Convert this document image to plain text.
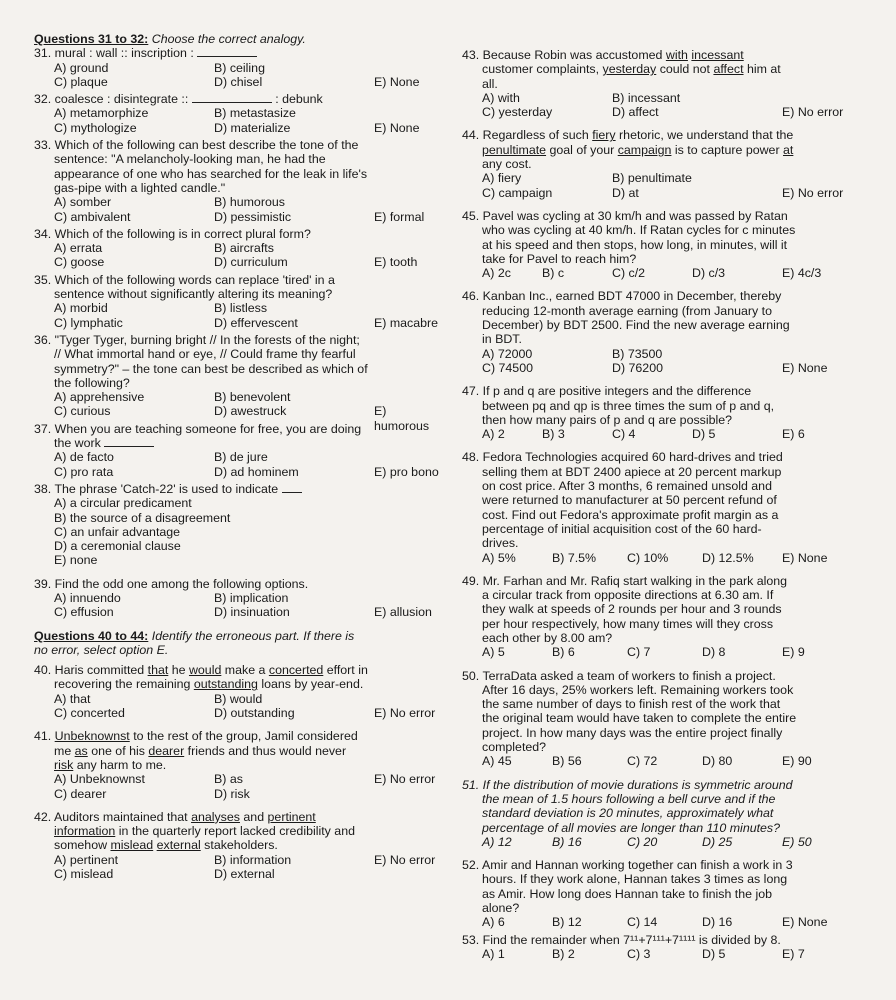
Questions 31 to 32: Choose the correct analogy.
31. mural : wall :: inscription :
A) ground	B) ceiling
C) plaque	D) chisel	E) None
32. coalesce : disintegrate ::	: debunk
A) metamorphize	B) metastasize
C) mythologize	D) materialize	E) None
33. Which of the following can best describe the tone of the
sentence: "A melancholy-looking man, he had the
appearance of one who has searched for the leak in life's
gas-pipe with a lighted candle."
A) somber	B) humorous
C) ambivalent	D) pessimistic	E) formal
34. Which of the following is in correct plural form?
A) errata	B) aircrafts
C) goose	D) curriculum	E) tooth
35. Which of the following words can replace 'tired' in a
sentence without significantly altering its meaning?
A) morbid	B) listless
C) lymphatic	D) effervescent	E) macabre
36. "Tyger Tyger, burning bright // In the forests of the night;
// What immortal hand or eye, // Could frame thy fearful
symmetry?" – the tone can best be described as which of
the following?
A) apprehensive	B) benevolent
C) curious	D) awestruck	E) humorous
37. When you are teaching someone for free, you are doing
the work
A) de facto	B) de jure
C) pro rata	D) ad hominem	E) pro bono
38. The phrase 'Catch-22' is used to indicate
A) a circular predicament
B) the source of a disagreement
C) an unfair advantage
D) a ceremonial clause
E) none
39. Find the odd one among the following options.
A) innuendo	B) implication
C) effusion	D) insinuation	E) allusion
Questions 40 to 44: Identify the erroneous part. If there is
no error, select option E.
40. Haris committed that he would make a concerted effort in
recovering the remaining outstanding loans by year-end.
A) that	B) would
C) concerted	D) outstanding	E) No error
41. Unbeknownst to the rest of the group, Jamil considered
me as one of his dearer friends and thus would never
risk any harm to me.
A) Unbeknownst	B) as	E) No error
C) dearer	D) risk
42. Auditors maintained that analyses and pertinent
information in the quarterly report lacked credibility and
somehow mislead external stakeholders.
A) pertinent	B) information	E) No error
C) mislead	D) external
43. Because Robin was accustomed with incessant
customer complaints, yesterday could not affect him at
all.
A) with	B) incessant
C) yesterday	D) affect	E) No error
44. Regardless of such fiery rhetoric, we understand that the
penultimate goal of your campaign is to capture power at
any cost.
A) fiery	B) penultimate
C) campaign	D) at	E) No error
45. Pavel was cycling at 30 km/h and was passed by Ratan
who was cycling at 40 km/h. If Ratan cycles for c minutes
at his speed and then stops, how long, in minutes, will it
take for Pavel to reach him?
A) 2c	B) c	C) c/2	D) c/3	E) 4c/3
46. Kanban Inc., earned BDT 47000 in December, thereby
reducing 12-month average earning (from January to
December) by BDT 2500. Find the new average earning
in BDT.
A) 72000	B) 73500
C) 74500	D) 76200	E) None
47. If p and q are positive integers and the difference
between pq and qp is three times the sum of p and q,
then how many pairs of p and q are possible?
A) 2	B) 3	C) 4	D) 5	E) 6
48. Fedora Technologies acquired 60 hard-drives and tried
selling them at BDT 2400 apiece at 20 percent markup
on cost price. After 3 months, 6 remained unsold and
were returned to manufacturer at 50 percent refund of
cost. Find out Fedora's approximate profit margin as a
percentage of initial acquisition cost of the 60 hard-
drives.
A) 5%	B) 7.5% C) 10%	D) 12.5% E) None
49. Mr. Farhan and Mr. Rafiq start walking in the park along
a circular track from opposite directions at 6.30 am. If
they walk at speeds of 2 rounds per hour and 3 rounds
per hour respectively, how many times will they cross
each other by 8.00 am?
A) 5	B) 6	C) 7	D) 8	E) 9
50. TerraData asked a team of workers to finish a project.
After 16 days, 25% workers left. Remaining workers took
the same number of days to finish rest of the work that
the original team would have taken to complete the entire
project. In how many days was the entire project finally
completed?
A) 45	B) 56	C) 72	D) 80	E) 90
51. If the distribution of movie durations is symmetric around
the mean of 1.5 hours following a bell curve and if the
standard deviation is 20 minutes, approximately what
percentage of all movies are longer than 110 minutes?
A) 12	B) 16	C) 20	D) 25	E) 50
52. Amir and Hannan working together can finish a work in 3
hours. If they work alone, Hannan takes 3 times as long
as Amir. How long does Hannan take to finish the job
alone?
A) 6	B) 12	C) 14	D) 16	E) None
53. Find the remainder when 7¹¹+7¹¹¹+7¹¹¹¹ is divided by 8.
A) 1	B) 2	C) 3	D) 5	E) 7
